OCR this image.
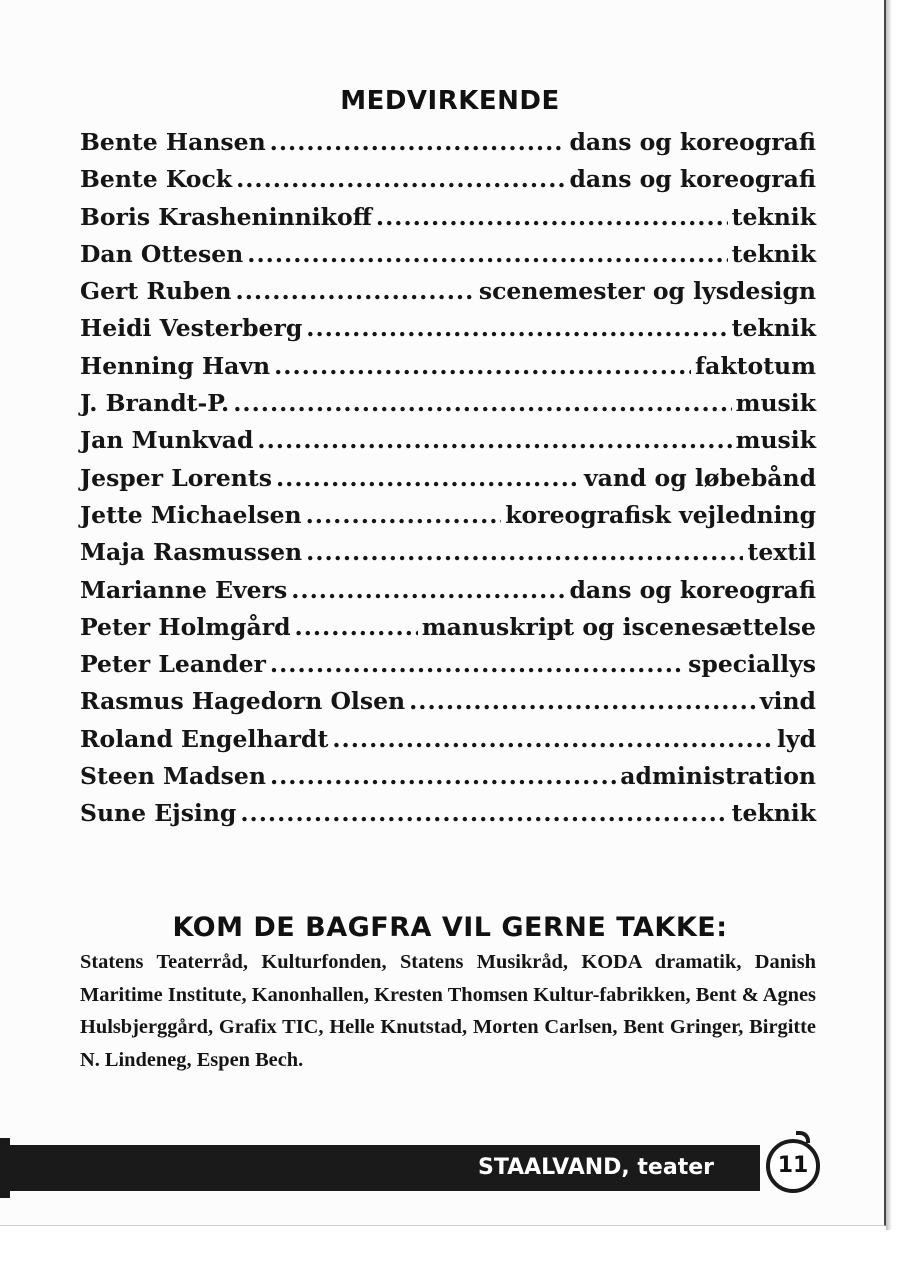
MEDVIRKENDE
Bente Hansen .....	dans og koreografi
Bente Kock .....	dans og koreografi
Boris Krasheninnikoff .....	teknik
Dan Ottesen .....	teknik
Gert Ruben .....	scenemester og lysdesign
Heidi Vesterberg .....	teknik
Henning Havn .....	faktotum
J. Brandt-P. .....	musik
Jan Munkvad .....	musik
Jesper Lorents .....	vand og løbebånd
Jette Michaelsen .....	koreografisk vejledning
Maja Rasmussen .....	textil
Marianne Evers .....	dans og koreografi
Peter Holmgård .....	manuskript og iscenesættelse
Peter Leander .....	speciallys
Rasmus Hagedorn Olsen .....	vind
Roland Engelhardt .....	lyd
Steen Madsen .....	administration
Sune Ejsing .....	teknik
KOM DE BAGFRA VIL GERNE TAKKE:

Statens Teaterråd, Kulturfonden, Statens Musikråd, KODA dramatik, Danish Maritime Institute, Kanonhallen, Kresten Thomsen Kultur-fabrikken, Bent & Agnes Hulsbjerggård, Grafix TIC, Helle Knutstad, Morten Carlsen, Bent Gringer, Birgitte N. Lindeneg, Espen Bech.

STAALVAND, teater	11
